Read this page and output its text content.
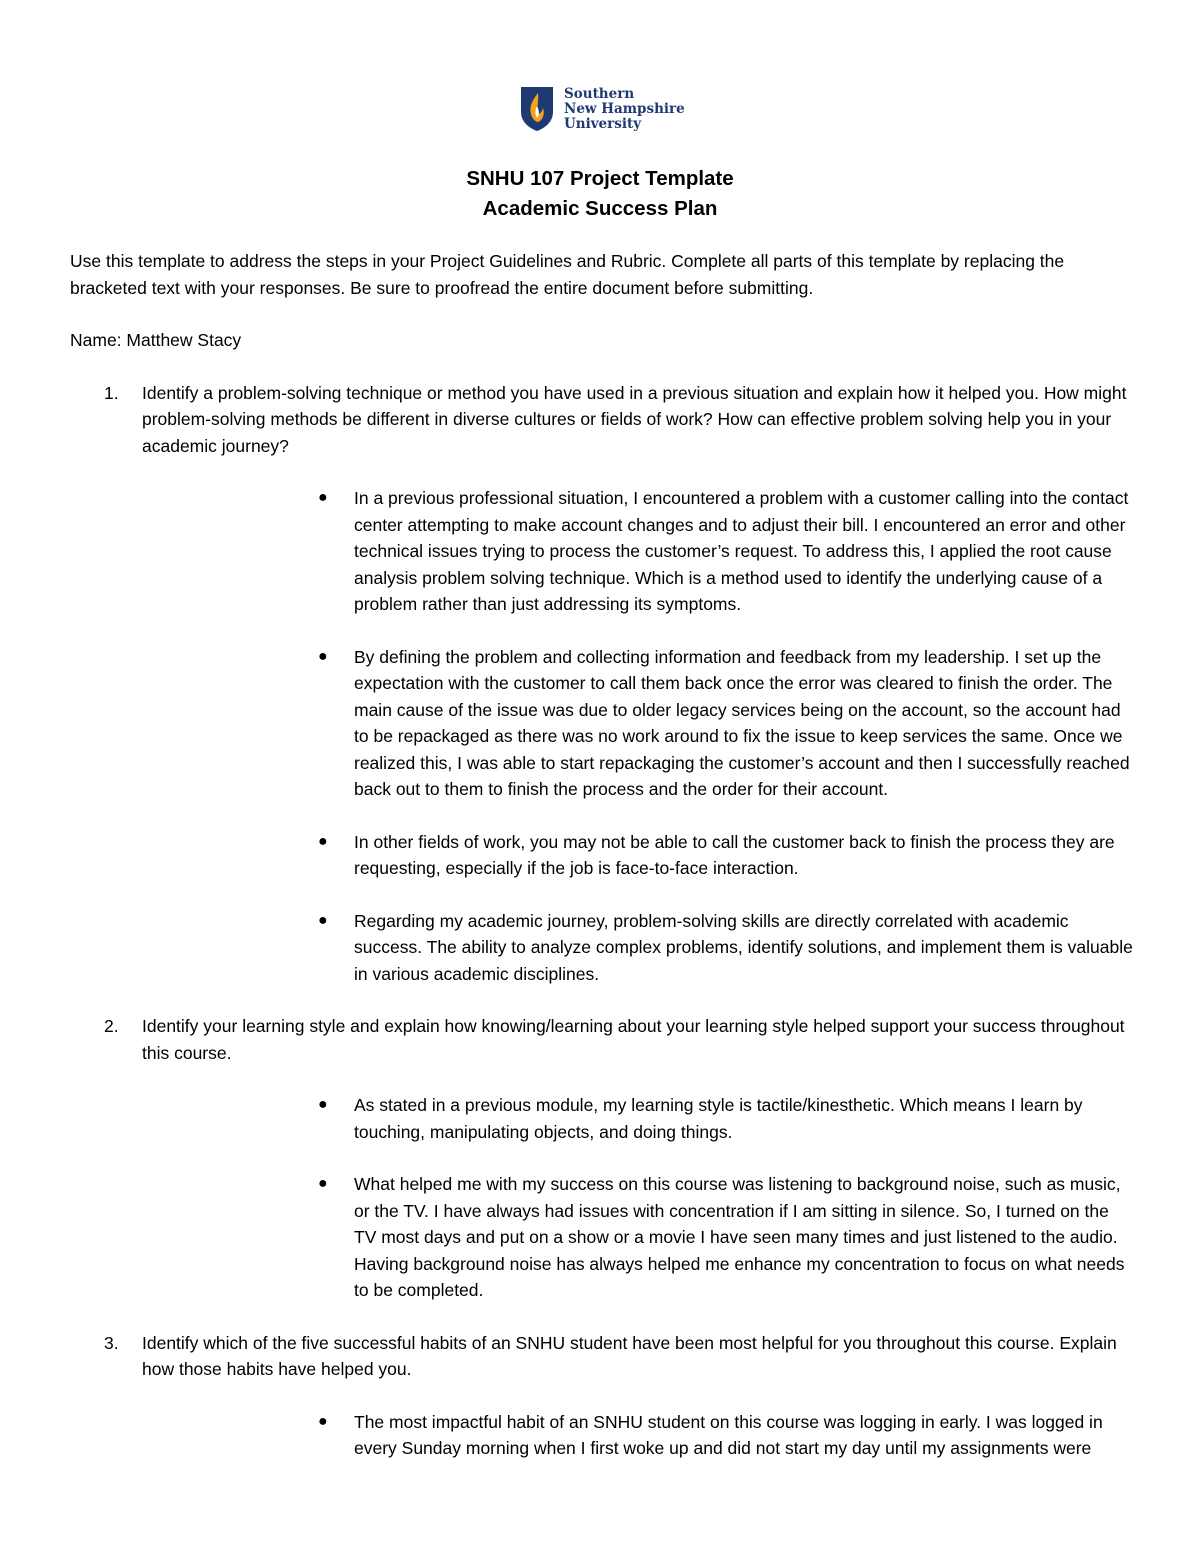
Southern
New Hampshire
University
SNHU 107 Project Template
Academic Success Plan

Use this template to address the steps in your Project Guidelines and Rubric. Complete all parts of this template by replacing the bracketed text with your responses. Be sure to proofread the entire document before submitting.

Name: Matthew Stacy

1. Identify a problem-solving technique or method you have used in a previous situation and explain how it helped you. How might problem-solving methods be different in diverse cultures or fields of work? How can effective problem solving help you in your academic journey?

● In a previous professional situation, I encountered a problem with a customer calling into the contact center attempting to make account changes and to adjust their bill. I encountered an error and other technical issues trying to process the customer’s request. To address this, I applied the root cause analysis problem solving technique. Which is a method used to identify the underlying cause of a problem rather than just addressing its symptoms.
● By defining the problem and collecting information and feedback from my leadership. I set up the expectation with the customer to call them back once the error was cleared to finish the order. The main cause of the issue was due to older legacy services being on the account, so the account had to be repackaged as there was no work around to fix the issue to keep services the same. Once we realized this, I was able to start repackaging the customer’s account and then I successfully reached back out to them to finish the process and the order for their account.
● In other fields of work, you may not be able to call the customer back to finish the process they are requesting, especially if the job is face-to-face interaction.
● Regarding my academic journey, problem-solving skills are directly correlated with academic success. The ability to analyze complex problems, identify solutions, and implement them is valuable in various academic disciplines.
2. Identify your learning style and explain how knowing/learning about your learning style helped support your success throughout this course.

● As stated in a previous module, my learning style is tactile/kinesthetic. Which means I learn by touching, manipulating objects, and doing things.
● What helped me with my success on this course was listening to background noise, such as music, or the TV. I have always had issues with concentration if I am sitting in silence. So, I turned on the TV most days and put on a show or a movie I have seen many times and just listened to the audio. Having background noise has always helped me enhance my concentration to focus on what needs to be completed.
3. Identify which of the five successful habits of an SNHU student have been most helpful for you throughout this course. Explain how those habits have helped you.

● The most impactful habit of an SNHU student on this course was logging in early. I was logged in every Sunday morning when I first woke up and did not start my day until my assignments were
